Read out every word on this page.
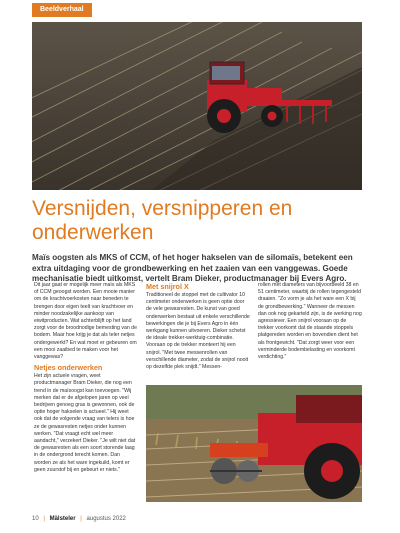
Beeldverhaal
Versnijden, versnipperen en onderwerken
Maïs oogsten als MKS of CCM, of het hoger hakselen van de silomaïs, betekent een extra uitdaging voor de grondbewerking en het zaaien van een vanggewas. Goede mechanisatie biedt uitkomst, vertelt Bram Dieker, productmanager bij Evers Agro.

Dit jaar gaat er mogelijk meer maïs als MKS of CCM geoogst worden. Een mooie manier om de krachtvoerkosten naar beneden te brengen door eigen teelt van krachtvoer en minder noodzakelijke aankoop van eiwitproducten. Wat achterblijft op het land zorgt voor de broodnodige bemesting van de bodem. Maar hoe krijg je dat als teler netjes ondergewerkt? En wat moet er gebeuren om een mooi zaaibed te maken voor het vanggewas?

Netjes onderwerken

Het zijn actuele vragen, weet productmanager Bram Dieker, die nog een trend in de maïsoogst kan toevoegen. "Wij merken dat er de afgelopen jaren op veel bedrijven genoeg gras is gewonnen, ook de optie hoger hakselen is actueel." Hij weet ook dat de volgende vraag van telers is hoe ze de gewasresten netjes onder kunnen werken. "Dat vraagt echt wel meer aandacht," verzekert Dieker. "Je wilt niet dat de gewasresten als een soort storende laag in de ondergrond terecht komen. Dan worden ze als het ware ingekuild, komt er geen zuurstof bij en gebeurt er niets."

Met snijrol X

Traditioneel de stoppel met de cultivator 10 centimeter onderwerken is geen optie door de vele gewasresten. De kunst van goed onderwerken bestaat uit enkele verschillende bewerkingen die je bij Evers Agro in één werkgang kunnen uitvoeren. Dieker schetst de ideale trekker-werktuig-combinatie. Vooraan op de trekker monteert hij een snijrol. "Met twee messenrollen van verschillende diameter, zodat de snijrol nooit op dezelfde plek snijdt." Messen-

rollen met diameters van bijvoorbeeld 38 en 51 centimeter, waarbij de rollen tegengesteld draaien. "Zo vorm je als het ware een X bij de grondbewerking." Wanneer de messen dan ook nog gekarteld zijn, is de werking nog agressiever. Een snijrol vooraan op de trekker voorkomt dat de staande stoppels platgereden worden en bovendien dient het als frontgewicht. "Dat zorgt weer voor een verminderde bodembelasting en voorkomt verdichting."

10 | Mälsteler | augustus 2022
